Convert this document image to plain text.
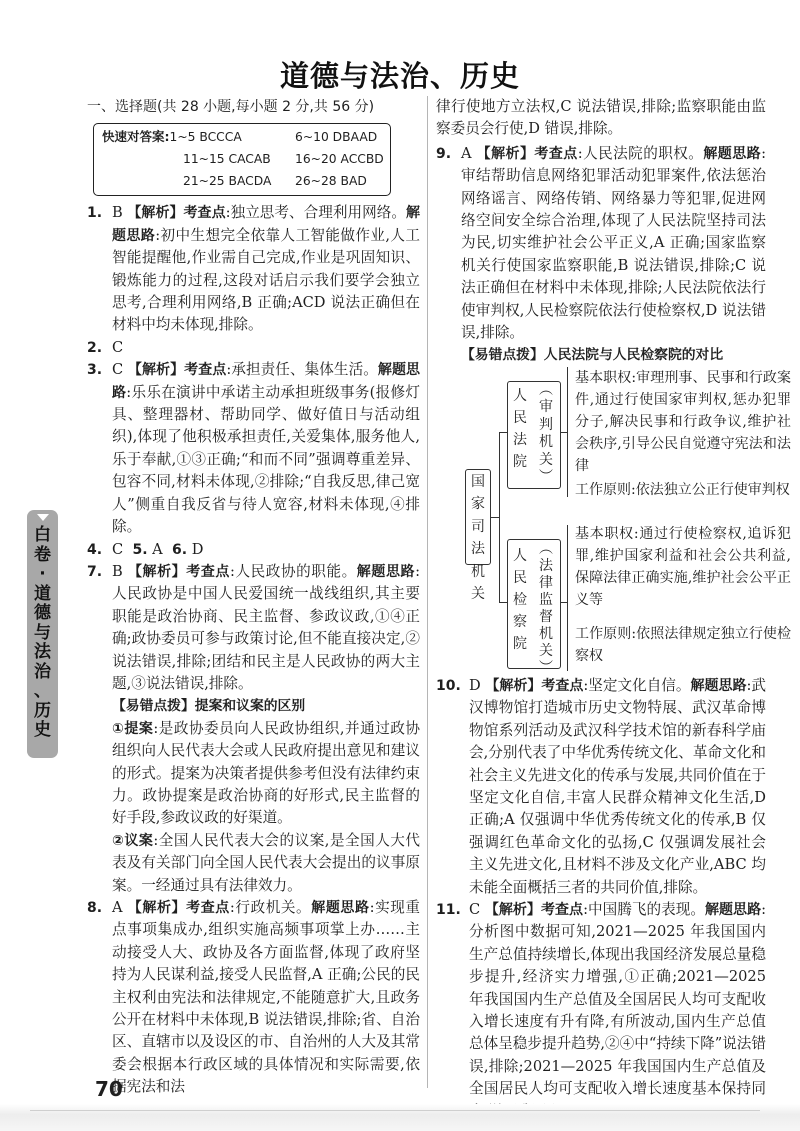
道德与法治、历史
白
卷
·
道
德
与
法
治
、
历
史
一、选择题(共 28 小题,每小题 2 分,共 56 分)
快速对答案:1~5 BCCCA	6~10 DBAAD
11~15 CACAB 16~20 ACCBD
21~25 BACDA 26~28 BAD
1. B 【解析】考查点:独立思考、合理利用网络。解题思路:初中生想完全依靠人工智能做作业,人工智能提醒他,作业需自己完成,作业是巩固知识、锻炼能力的过程,这段对话启示我们要学会独立思考,合理利用网络,B 正确;ACD 说法正确但在材料中均未体现,排除。
2. C
3. C 【解析】考查点:承担责任、集体生活。解题思路:乐乐在演讲中承诺主动承担班级事务(报修灯具、整理器材、帮助同学、做好值日与活动组织),体现了他积极承担责任,关爱集体,服务他人,乐于奉献,①③正确;“和而不同”强调尊重差异、包容不同,材料未体现,②排除;“自我反思,律己宽人”侧重自我反省与待人宽容,材料未体现,④排除。
4. C 5. A 6. D
7. B 【解析】考查点:人民政协的职能。解题思路:人民政协是中国人民爱国统一战线组织,其主要职能是政治协商、民主监督、参政议政,①④正确;政协委员可参与政策讨论,但不能直接决定,②说法错误,排除;团结和民主是人民政协的两大主题,③说法错误,排除。
【易错点拨】提案和议案的区别
①提案:是政协委员向人民政协组织,并通过政协组织向人民代表大会或人民政府提出意见和建议的形式。提案为决策者提供参考但没有法律约束力。政协提案是政治协商的好形式,民主监督的好手段,参政议政的好渠道。
②议案:全国人民代表大会的议案,是全国人大代表及有关部门向全国人民代表大会提出的议事原案。一经通过具有法律效力。
8. A 【解析】考查点:行政机关。解题思路:实现重点事项集成办,组织实施高频事项掌上办……主动接受人大、政协及各方面监督,体现了政府坚持为人民谋利益,接受人民监督,A 正确;公民的民主权利由宪法和法律规定,不能随意扩大,且政务公开在材料中未体现,B 说法错误,排除;省、自治区、直辖市以及设区的市、自治州的人大及其常委会根据本行政区域的具体情况和实际需要,依据宪法和法
律行使地方立法权,C 说法错误,排除;监察职能由监察委员会行使,D 错误,排除。
9. A 【解析】考查点:人民法院的职权。解题思路:审结帮助信息网络犯罪活动犯罪案件,依法惩治网络谣言、网络传销、网络暴力等犯罪,促进网络空间安全综合治理,体现了人民法院坚持司法为民,切实维护社会公平正义,A 正确;国家监察机关行使国家监察职能,B 说法错误,排除;C 说法正确但在材料中未体现,排除;人民法院依法行使审判权,人民检察院依法行使检察权,D 说法错误,排除。
【易错点拨】人民法院与人民检察院的对比
国
家
司
法
机
关
人
民
法
院
︵
审
判
机
关
︶
基本职权:审理刑事、民事和行政案件,通过行使国家审判权,惩办犯罪分子,解决民事和行政争议,维护社会秩序,引导公民自觉遵守宪法和法律
工作原则:依法独立公正行使审判权
人
民
检
察
院
︵
法
律
监
督
机
关
︶
基本职权:通过行使检察权,追诉犯罪,维护国家利益和社会公共利益,保障法律正确实施,维护社会公平正义等
工作原则:依照法律规定独立行使检察权
10. D 【解析】考查点:坚定文化自信。解题思路:武汉博物馆打造城市历史文物特展、武汉革命博物馆系列活动及武汉科学技术馆的新春科学庙会,分别代表了中华优秀传统文化、革命文化和社会主义先进文化的传承与发展,共同价值在于坚定文化自信,丰富人民群众精神文化生活,D 正确;A 仅强调中华优秀传统文化的传承,B 仅强调红色革命文化的弘扬,C 仅强调发展社会主义先进文化,且材料不涉及文化产业,ABC 均未能全面概括三者的共同价值,排除。
11. C 【解析】考查点:中国腾飞的表现。解题思路:分析图中数据可知,2021—2025 年我国国内生产总值持续增长,体现出我国经济发展总量稳步提升,经济实力增强,①正确;2021—2025 年我国国内生产总值及全国居民人均可支配收入增长速度有升有降,有所波动,国内生产总值总体呈稳步提升趋势,②④中“持续下降”说法错误,排除;2021—2025 年我国国内生产总值及全国居民人均可支配收入增长速度基本保持同
70
